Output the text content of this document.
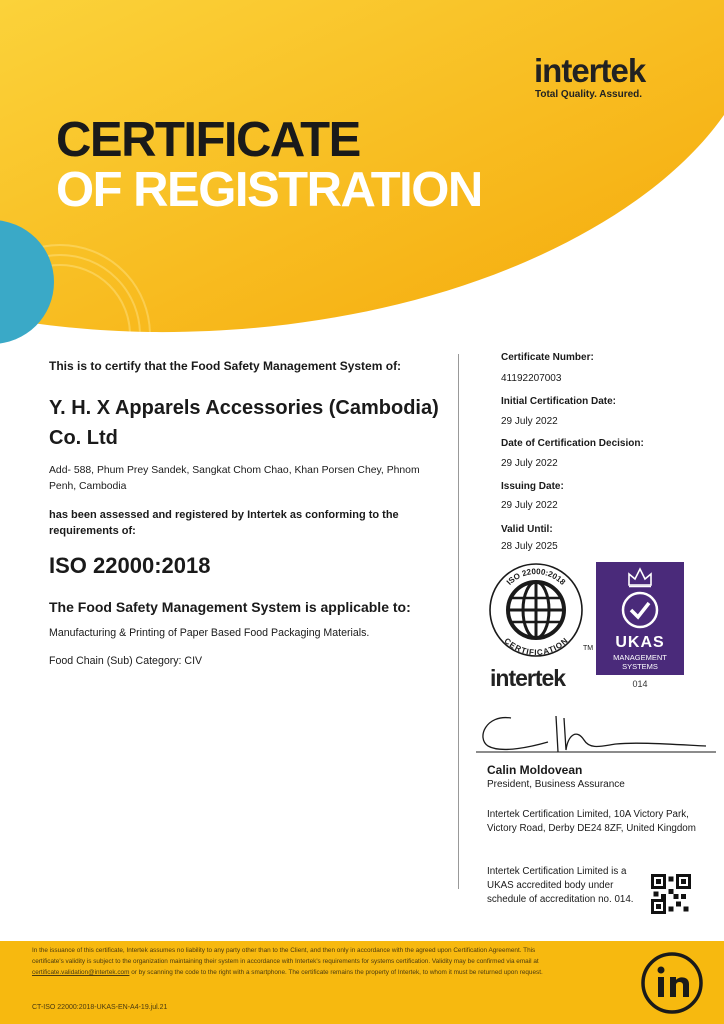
intertek
Total Quality. Assured.
CERTIFICATE
OF REGISTRATION
This is to certify that the Food Safety Management System of:
Y. H. X Apparels Accessories (Cambodia) Co. Ltd
Add- 588, Phum Prey Sandek, Sangkat Chom Chao, Khan Porsen Chey, Phnom Penh, Cambodia
has been assessed and registered by Intertek as conforming to the requirements of:
ISO 22000:2018
The Food Safety Management System is applicable to:
Manufacturing & Printing of Paper Based Food Packaging Materials.
Food Chain (Sub) Category: CIV
Certificate Number:
41192207003
Initial Certification Date:
29 July 2022
Date of Certification Decision:
29 July 2022
Issuing Date:
29 July 2022
Valid Until:
28 July 2025
ISO 22000:2018
CERTIFICATION
TM
intertek
UKAS
MANAGEMENT
SYSTEMS
014
Calin Moldovean
President, Business Assurance
Intertek Certification Limited, 10A Victory Park, Victory Road, Derby DE24 8ZF, United Kingdom
Intertek Certification Limited is a UKAS accredited body under schedule of accreditation no. 014.
In the issuance of this certificate, Intertek assumes no liability to any party other than to the Client, and then only in accordance with the agreed upon Certification Agreement. This
certificate's validity is subject to the organization maintaining their system in accordance with Intertek's requirements for systems certification. Validity may be confirmed via email at
certificate.validation@intertek.com or by scanning the code to the right with a smartphone. The certificate remains the property of Intertek, to whom it must be returned upon request.
CT-ISO 22000:2018-UKAS-EN-A4-19.jul.21
